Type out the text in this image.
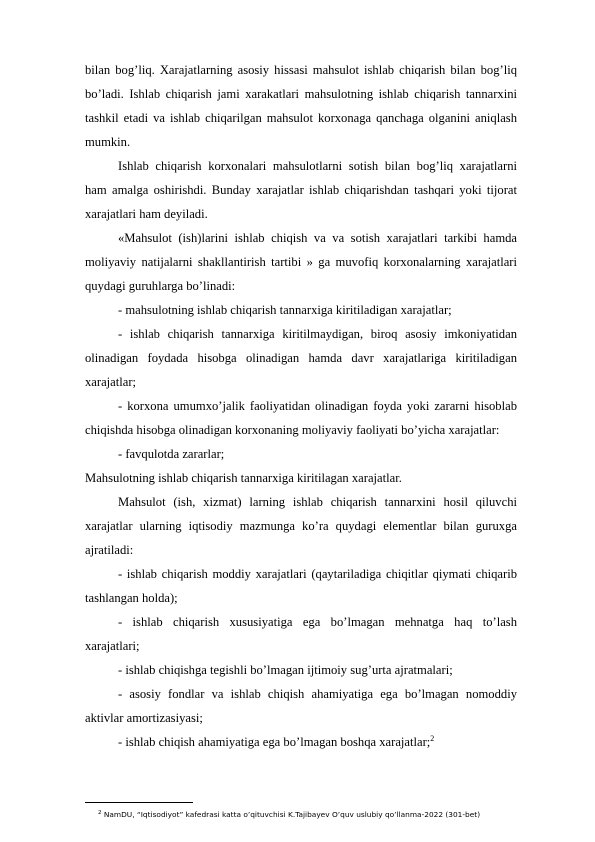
bilan bog’liq. Xarajatlarning asosiy hissasi mahsulot ishlab chiqarish bilan bog’liq bo’ladi. Ishlab chiqarish jami xarakatlari mahsulotning ishlab chiqarish tannarxini tashkil etadi va ishlab chiqarilgan mahsulot korxonaga qanchaga olganini aniqlash mumkin.

Ishlab chiqarish korxonalari mahsulotlarni sotish bilan bog’liq xarajatlarni ham amalga oshirishdi. Bunday xarajatlar ishlab chiqarishdan tashqari yoki tijorat xarajatlari ham deyiladi.

«Mahsulot (ish)larini ishlab chiqish va va sotish xarajatlari tarkibi hamda moliyaviy natijalarni shakllantirish tartibi » ga muvofiq korxonalarning xarajatlari quydagi guruhlarga bo’linadi:

- mahsulotning ishlab chiqarish tannarxiga kiritiladigan xarajatlar;

- ishlab chiqarish tannarxiga kiritilmaydigan, biroq asosiy imkoniyatidan olinadigan foydada hisobga olinadigan hamda davr xarajatlariga kiritiladigan xarajatlar;

- korxona umumxo’jalik faoliyatidan olinadigan foyda yoki zararni hisoblab chiqishda hisobga olinadigan korxonaning moliyaviy faoliyati bo’yicha xarajatlar:

- favqulotda zararlar;

Mahsulotning ishlab chiqarish tannarxiga kiritilagan xarajatlar.

Mahsulot (ish, xizmat) larning ishlab chiqarish tannarxini hosil qiluvchi xarajatlar ularning iqtisodiy mazmunga ko’ra quydagi elementlar bilan guruxga ajratiladi:

- ishlab chiqarish moddiy xarajatlari (qaytariladiga chiqitlar qiymati chiqarib tashlangan holda);

- ishlab chiqarish xususiyatiga ega bo’lmagan mehnatga haq to’lash xarajatlari;

- ishlab chiqishga tegishli bo’lmagan ijtimoiy sug’urta ajratmalari;

- asosiy fondlar va ishlab chiqish ahamiyatiga ega bo’lmagan nomoddiy aktivlar amortizasiyasi;

- ishlab chiqish ahamiyatiga ega bo’lmagan boshqa xarajatlar;$^2$

$^2$ NamDU, “Iqtisodiyot” kafedrasi katta o’qituvchisi K.Tajibayev O’quv uslubiy qo’llanma-2022 (301-bet)
